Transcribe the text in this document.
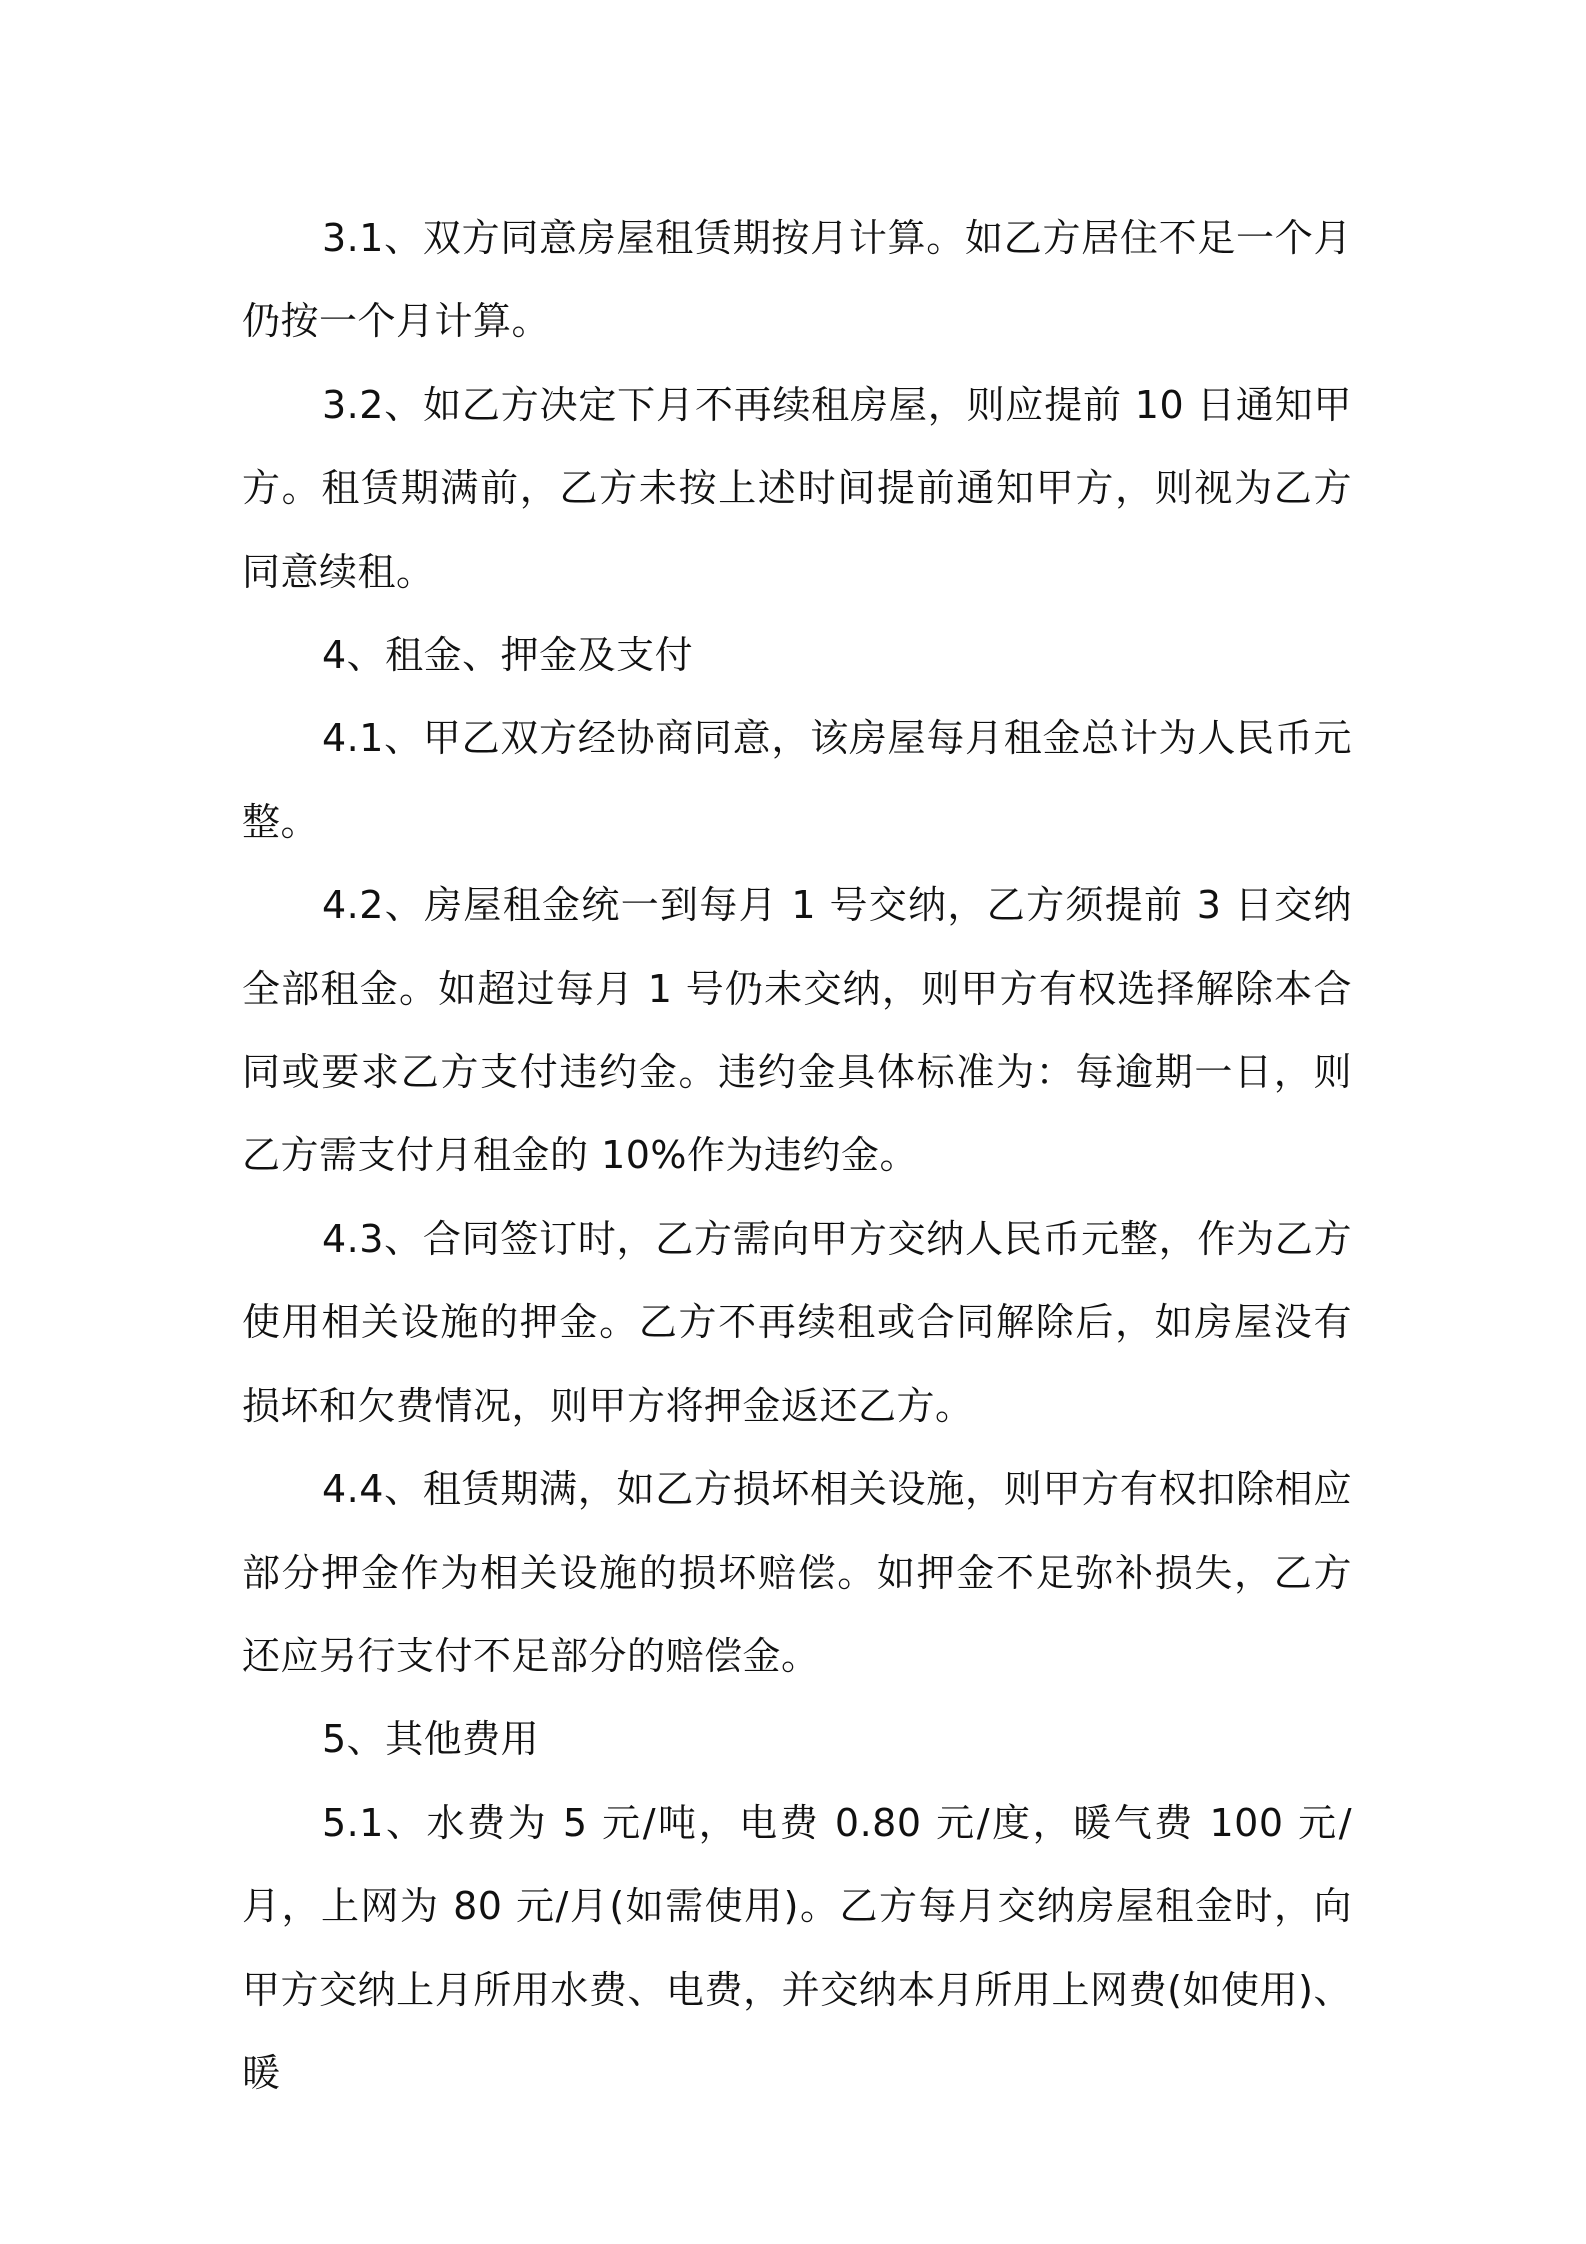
3.1、双方同意房屋租赁期按月计算。如乙方居住不足一个月仍按一个月计算。

3.2、如乙方决定下月不再续租房屋，则应提前 10 日通知甲方。租赁期满前，乙方未按上述时间提前通知甲方，则视为乙方同意续租。

4、租金、押金及支付

4.1、甲乙双方经协商同意，该房屋每月租金总计为人民币元整。

4.2、房屋租金统一到每月 1 号交纳，乙方须提前 3 日交纳全部租金。如超过每月 1 号仍未交纳，则甲方有权选择解除本合同或要求乙方支付违约金。违约金具体标准为：每逾期一日，则乙方需支付月租金的 10%作为违约金。

4.3、合同签订时，乙方需向甲方交纳人民币元整，作为乙方使用相关设施的押金。乙方不再续租或合同解除后，如房屋没有损坏和欠费情况，则甲方将押金返还乙方。

4.4、租赁期满，如乙方损坏相关设施，则甲方有权扣除相应部分押金作为相关设施的损坏赔偿。如押金不足弥补损失，乙方还应另行支付不足部分的赔偿金。

5、其他费用

5.1、水费为 5 元/吨，电费 0.80 元/度，暖气费 100 元/月，上网为 80 元/月(如需使用)。乙方每月交纳房屋租金时，向甲方交纳上月所用水费、电费，并交纳本月所用上网费(如使用)、暖
